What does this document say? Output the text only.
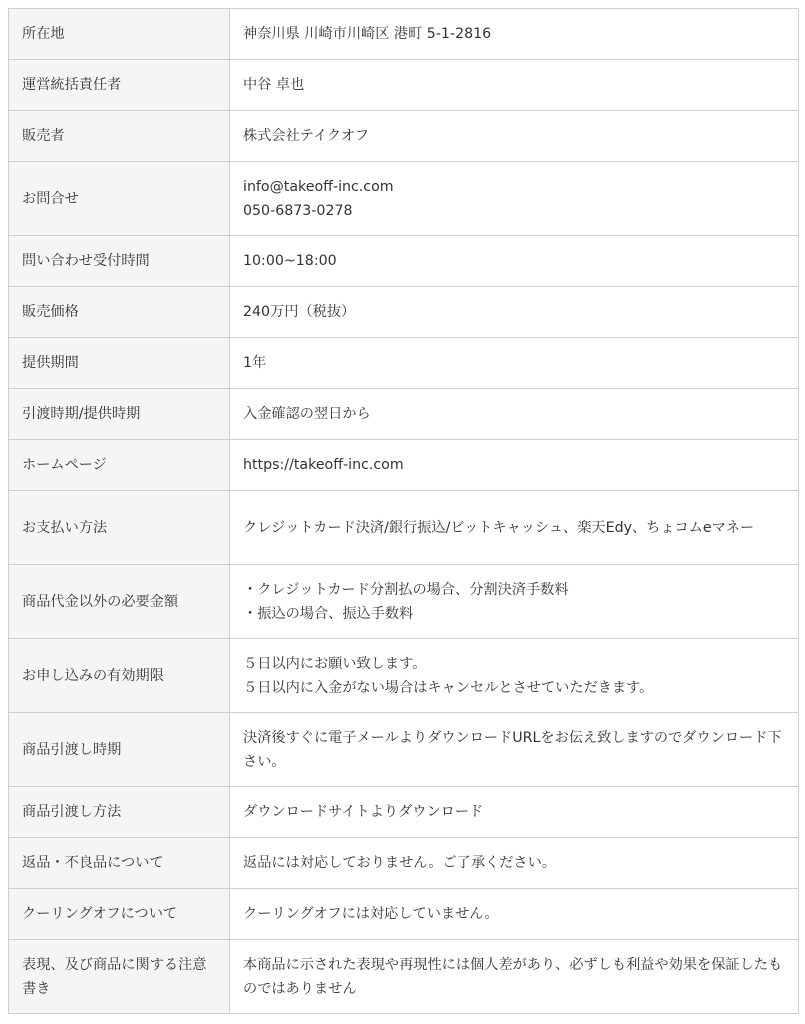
所在地	神奈川県 川崎市川崎区 港町 5-1-2816

運営統括責任者	中谷 卓也

販売者	株式会社テイクオフ

お問合せ	info@takeoff-inc.com
050-6873-0278

問い合わせ受付時間	10:00~18:00

販売価格	240万円（税抜）

提供期間	1年

引渡時期/提供時期	入金確認の翌日から

ホームページ	https://takeoff-inc.com

お支払い方法	クレジットカード決済/銀行振込/ビットキャッシュ、楽天Edy、ちょコムeマネー

商品代金以外の必要金額	・クレジットカード分割払の場合、分割決済手数料
・振込の場合、振込手数料

お申し込みの有効期限	５日以内にお願い致します。
５日以内に入金がない場合はキャンセルとさせていただきます。

商品引渡し時期	決済後すぐに電子メールよりダウンロードURLをお伝え致しますのでダウンロード下さい。

商品引渡し方法	ダウンロードサイトよりダウンロード

返品・不良品について	返品には対応しておりません。ご了承ください。

クーリングオフについて	クーリングオフには対応していません。

表現、及び商品に関する注意書き	本商品に示された表現や再現性には個人差があり、必ずしも利益や効果を保証したものではありません
